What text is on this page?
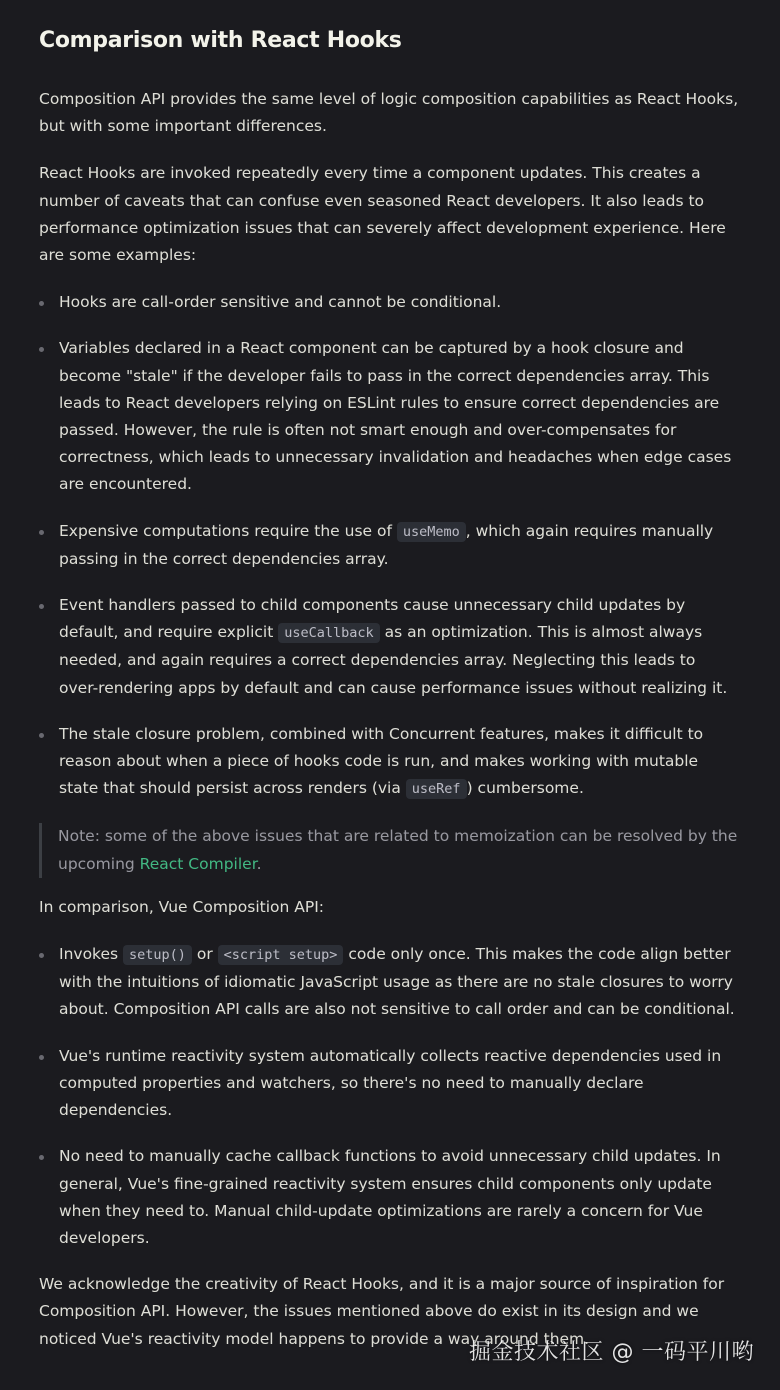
Comparison with React Hooks

Composition API provides the same level of logic composition capabilities as React Hooks, but with some important differences.

React Hooks are invoked repeatedly every time a component updates. This creates a number of caveats that can confuse even seasoned React developers. It also leads to performance optimization issues that can severely affect development experience. Here are some examples:

Hooks are call-order sensitive and cannot be conditional.
Variables declared in a React component can be captured by a hook closure and become "stale" if the developer fails to pass in the correct dependencies array. This leads to React developers relying on ESLint rules to ensure correct dependencies are passed. However, the rule is often not smart enough and over-compensates for correctness, which leads to unnecessary invalidation and headaches when edge cases are encountered.
Expensive computations require the use of useMemo , which again requires manually passing in the correct dependencies array.
Event handlers passed to child components cause unnecessary child updates by default, and require explicit useCallback as an optimization. This is almost always needed, and again requires a correct dependencies array. Neglecting this leads to over-rendering apps by default and can cause performance issues without realizing it.
The stale closure problem, combined with Concurrent features, makes it difficult to reason about when a piece of hooks code is run, and makes working with mutable state that should persist across renders (via useRef ) cumbersome.
Note: some of the above issues that are related to memoization can be resolved by the upcoming React Compiler.

In comparison, Vue Composition API:

Invokes setup() or <script setup> code only once. This makes the code align better with the intuitions of idiomatic JavaScript usage as there are no stale closures to worry about. Composition API calls are also not sensitive to call order and can be conditional.
Vue's runtime reactivity system automatically collects reactive dependencies used in computed properties and watchers, so there's no need to manually declare dependencies.
No need to manually cache callback functions to avoid unnecessary child updates. In general, Vue's fine-grained reactivity system ensures child components only update when they need to. Manual child-update optimizations are rarely a concern for Vue developers.

We acknowledge the creativity of React Hooks, and it is a major source of inspiration for Composition API. However, the issues mentioned above do exist in its design and we noticed Vue's reactivity model happens to provide a way around them.

掘金技术社区 @ 一码平川哟
